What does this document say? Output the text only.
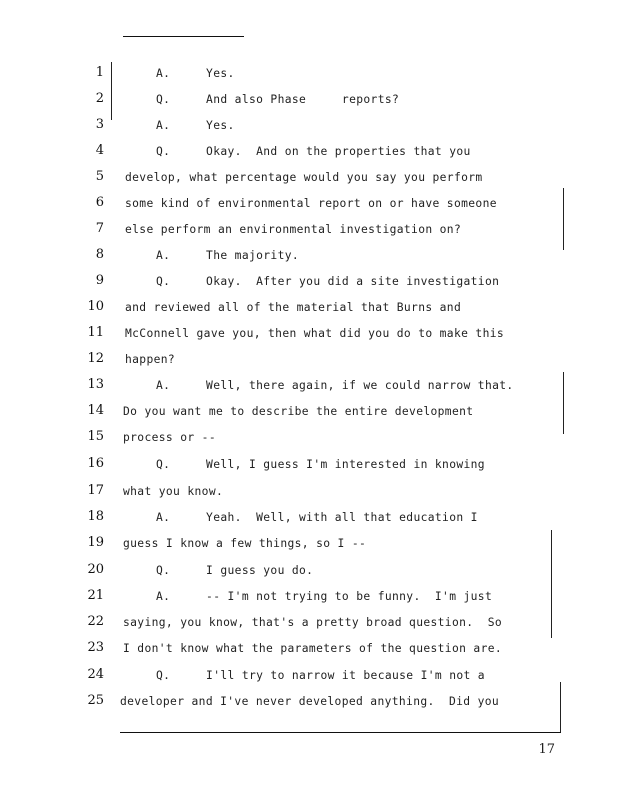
1	A.     Yes.
2	Q.     And also Phase     reports?
3	A.     Yes.
4	Q.     Okay.  And on the properties that you
5 develop, what percentage would you say you perform
6 some kind of environmental report on or have someone
7 else perform an environmental investigation on?
8	A.     The majority.
9	Q.     Okay.  After you did a site investigation
10 and reviewed all of the material that Burns and
11 McConnell gave you, then what did you do to make this
12 happen?
13	A.     Well, there again, if we could narrow that.
14 Do you want me to describe the entire development
15 process or --
16	Q.     Well, I guess I'm interested in knowing
17 what you know.
18	A.     Yeah.  Well, with all that education I
19 guess I know a few things, so I --
20	Q.     I guess you do.
21	A.     -- I'm not trying to be funny.  I'm just
22 saying, you know, that's a pretty broad question.  So
23 I don't know what the parameters of the question are.
24	Q.     I'll try to narrow it because I'm not a
25 developer and I've never developed anything.  Did you
17
